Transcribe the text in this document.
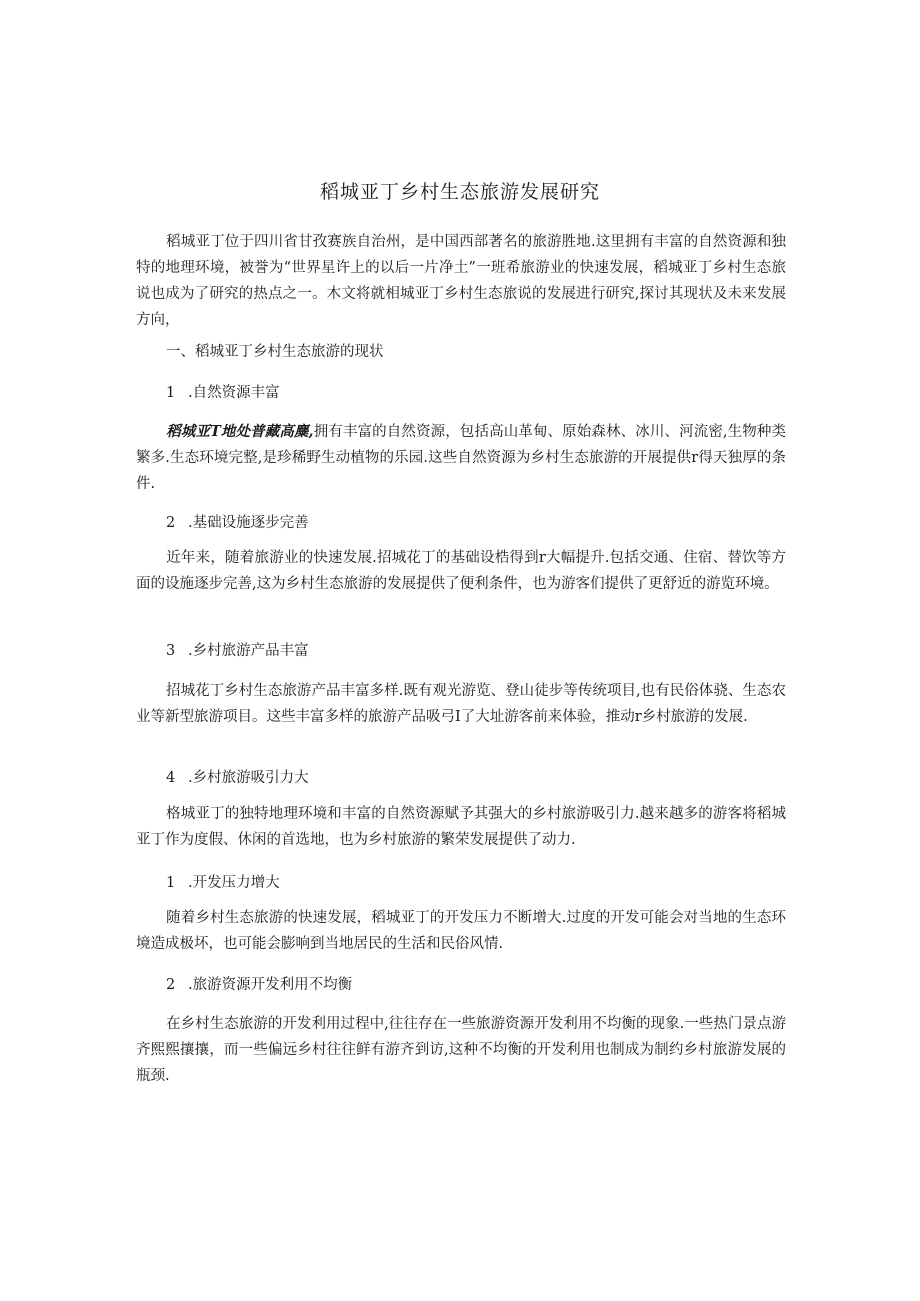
稻城亚丁乡村生态旅游发展研究

稻城亚丁位于四川省甘孜赛族自治州，是中国西部著名的旅游胜地.这里拥有丰富的自然资源和独特的地理环境，被誉为“世界星许上的以后一片净土”一班希旅游业的快速发展，稻城亚丁乡村生态旅说也成为了研究的热点之一。木文将就相城亚丁乡村生态旅说的发展进行研究,探讨其现状及未来发展方向，

一、稻城亚丁乡村生态旅游的现状

1 .自然资源丰富

稻城亚T地处普藏高麋,拥有丰富的自然资源，包括高山革甸、原始森林、冰川、河流密,生物种类繁多.生态环境完整,是珍稀野生动植物的乐园.这些自然资源为乡村生态旅游的开展提供r得天独厚的条件.

2 .基础设施逐步完善

近年来，随着旅游业的快速发展.招城花丁的基础设梏得到r大幅提升.包括交通、住宿、替饮等方面的设施逐步完善,这为乡村生态旅游的发展提供了便利条件，也为游客们提供了更舒近的游览环境。

3 .乡村旅游产品丰富

招城花丁乡村生态旅游产品丰富多样.既有观光游览、登山徒步等传统项目,也有民俗体骁、生态农业等新型旅游项目。这些丰富多样的旅游产品吸弓I了大址游客前来体验，推动r乡村旅游的发展.

4 .乡村旅游吸引力大

格城亚丁的独特地理环境和丰富的自然资源赋予其强大的乡村旅游吸引力.越来越多的游客将稻城亚丁作为度假、休闲的首选地，也为乡村旅游的繁荣发展提供了动力.

1 .开发压力增大

随着乡村生态旅游的快速发展，稻城亚丁的开发压力不断增大.过度的开发可能会对当地的生态环境造成极坏，也可能会膨响到当地居民的生活和民俗风情.

2 .旅游资源开发利用不均衡

在乡村生态旅游的开发利用过程中,往往存在一些旅游资源开发利用不均衡的现象.一些热门景点游齐熙熙攘攘，而一些偏远乡村往往鲜有游齐到访,这种不均衡的开发利用也制成为制约乡村旅游发展的瓶颈.
